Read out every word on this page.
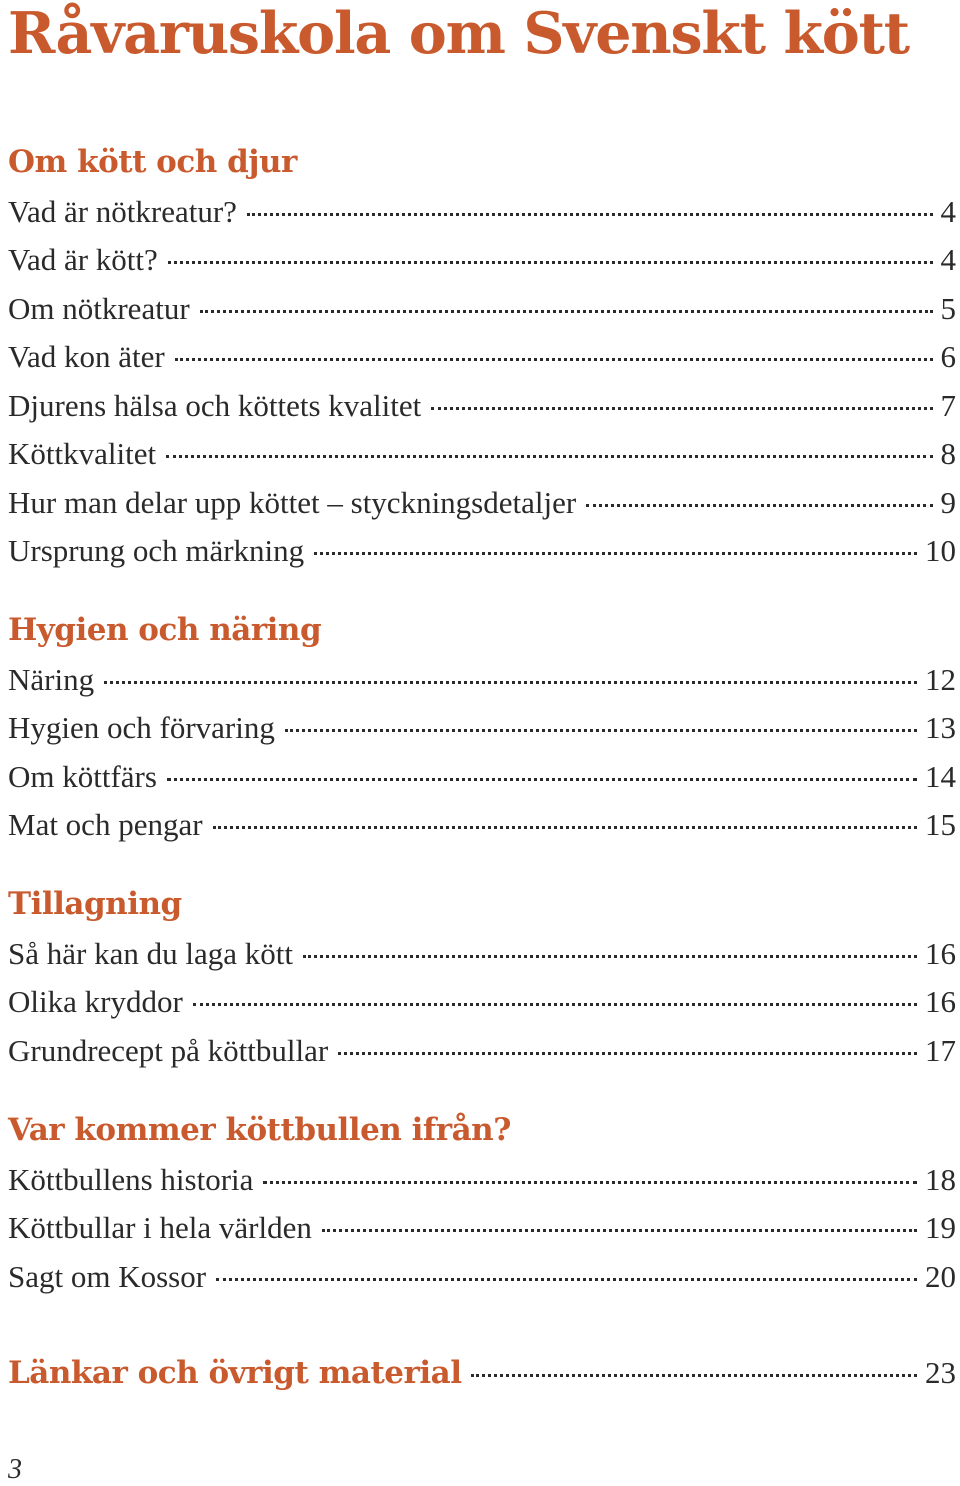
Råvaruskola om Svenskt kött
Om kött och djur
Vad är nötkreatur?	4
Vad är kött?	4
Om nötkreatur	5
Vad kon äter	6
Djurens hälsa och köttets kvalitet	7
Köttkvalitet	8
Hur man delar upp köttet – styckningsdetaljer	9
Ursprung och märkning	10
Hygien och näring
Näring	12
Hygien och förvaring	13
Om köttfärs	14
Mat och pengar	15
Tillagning
Så här kan du laga kött	16
Olika kryddor	16
Grundrecept på köttbullar	17
Var kommer köttbullen ifrån?
Köttbullens historia	18
Köttbullar i hela världen	19
Sagt om Kossor	20
Länkar och övrigt material	23
3
